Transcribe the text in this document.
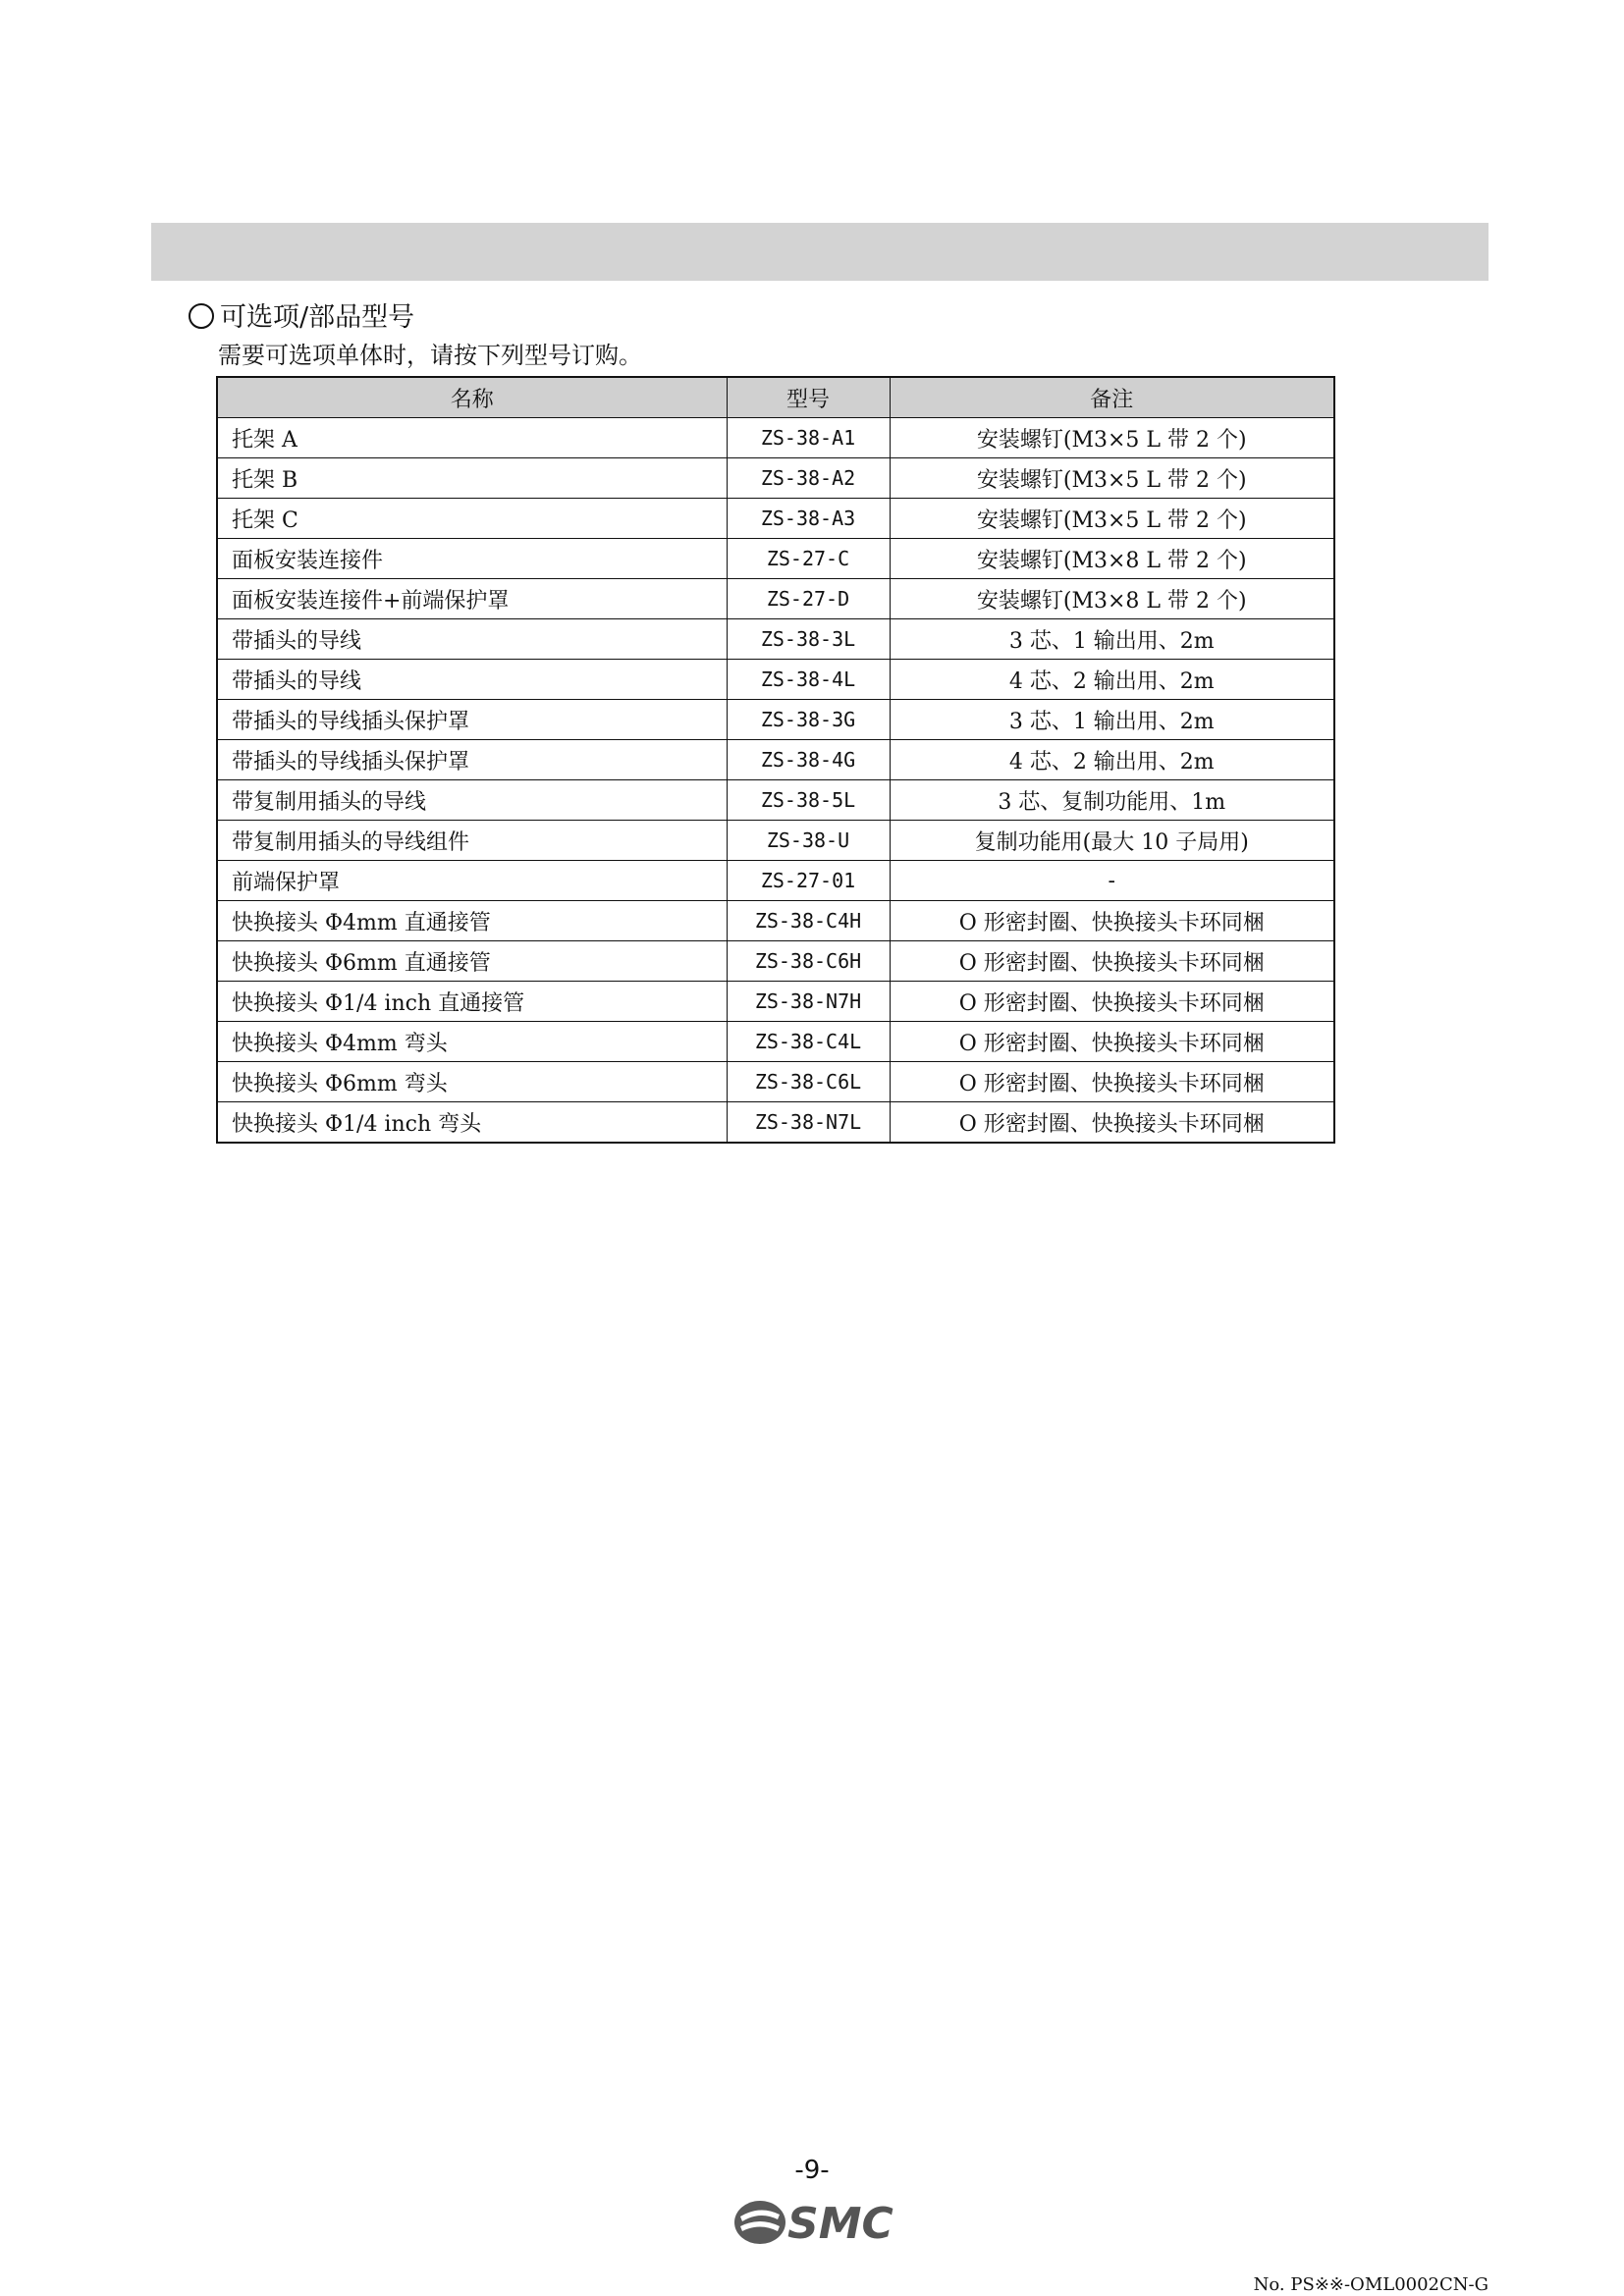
可选项/部品型号
需要可选项单体时，请按下列型号订购。
名称	型号	备注
托架 A	ZS-38-A1	安装螺钉(M3×5 L 带 2 个)
托架 B	ZS-38-A2	安装螺钉(M3×5 L 带 2 个)
托架 C	ZS-38-A3	安装螺钉(M3×5 L 带 2 个)
面板安装连接件	ZS-27-C	安装螺钉(M3×8 L 带 2 个)
面板安装连接件+前端保护罩	ZS-27-D	安装螺钉(M3×8 L 带 2 个)
带插头的导线	ZS-38-3L	3 芯、1 输出用、2m
带插头的导线	ZS-38-4L	4 芯、2 输出用、2m
带插头的导线插头保护罩	ZS-38-3G	3 芯、1 输出用、2m
带插头的导线插头保护罩	ZS-38-4G	4 芯、2 输出用、2m
带复制用插头的导线	ZS-38-5L	3 芯、复制功能用、1m
带复制用插头的导线组件	ZS-38-U	复制功能用(最大 10 子局用)
前端保护罩	ZS-27-01	-
快换接头 Φ4mm 直通接管	ZS-38-C4H	O 形密封圈、快换接头卡环同梱
快换接头 Φ6mm 直通接管	ZS-38-C6H	O 形密封圈、快换接头卡环同梱
快换接头 Φ1/4 inch 直通接管	ZS-38-N7H	O 形密封圈、快换接头卡环同梱
快换接头 Φ4mm 弯头	ZS-38-C4L	O 形密封圈、快换接头卡环同梱
快换接头 Φ6mm 弯头	ZS-38-C6L	O 形密封圈、快换接头卡环同梱
快换接头 Φ1/4 inch 弯头	ZS-38-N7L	O 形密封圈、快换接头卡环同梱
-9-
SMC
No. PS※※-OML0002CN-G
